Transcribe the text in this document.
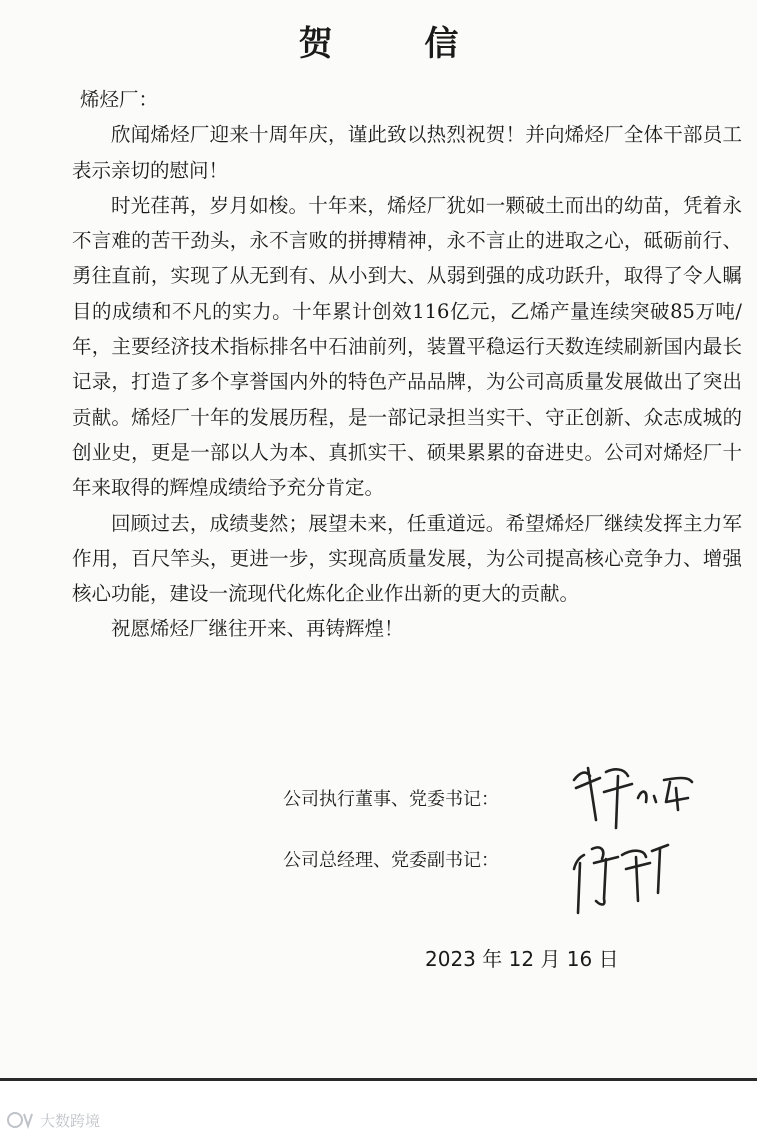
贺 信

烯烃厂：

欣闻烯烃厂迎来十周年庆，谨此致以热烈祝贺！并向烯烃厂全体干部员工表示亲切的慰问！

时光荏苒，岁月如梭。十年来，烯烃厂犹如一颗破土而出的幼苗，凭着永不言难的苦干劲头，永不言败的拼搏精神，永不言止的进取之心，砥砺前行、勇往直前，实现了从无到有、从小到大、从弱到强的成功跃升，取得了令人瞩目的成绩和不凡的实力。十年累计创效116亿元，乙烯产量连续突破85万吨/年，主要经济技术指标排名中石油前列，装置平稳运行天数连续刷新国内最长记录，打造了多个享誉国内外的特色产品品牌，为公司高质量发展做出了突出贡献。烯烃厂十年的发展历程，是一部记录担当实干、守正创新、众志成城的创业史，更是一部以人为本、真抓实干、硕果累累的奋进史。公司对烯烃厂十年来取得的辉煌成绩给予充分肯定。

回顾过去，成绩斐然；展望未来，任重道远。希望烯烃厂继续发挥主力军作用，百尺竿头，更进一步，实现高质量发展，为公司提高核心竞争力、增强核心功能，建设一流现代化炼化企业作出新的更大的贡献。

祝愿烯烃厂继往开来、再铸辉煌！

公司执行董事、党委书记：
公司总经理、党委副书记：
2023 年 12 月 16 日
大数跨境
